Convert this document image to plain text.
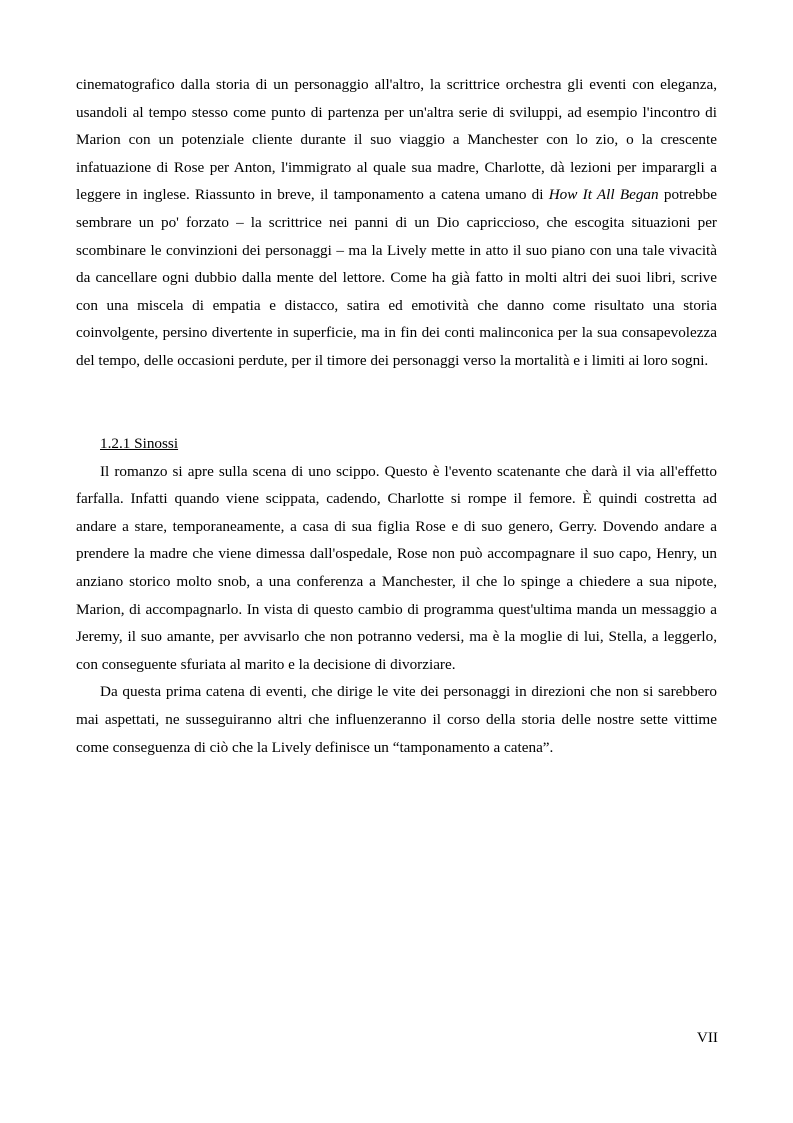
cinematografico dalla storia di un personaggio all'altro, la scrittrice orchestra gli eventi con eleganza, usandoli al tempo stesso come punto di partenza per un'altra serie di sviluppi, ad esempio l'incontro di Marion con un potenziale cliente durante il suo viaggio a Manchester con lo zio, o la crescente infatuazione di Rose per Anton, l'immigrato al quale sua madre, Charlotte, dà lezioni per imparargli a leggere in inglese. Riassunto in breve, il tamponamento a catena umano di How It All Began potrebbe sembrare un po' forzato – la scrittrice nei panni di un Dio capriccioso, che escogita situazioni per scombinare le convinzioni dei personaggi – ma la Lively mette in atto il suo piano con una tale vivacità da cancellare ogni dubbio dalla mente del lettore. Come ha già fatto in molti altri dei suoi libri, scrive con una miscela di empatia e distacco, satira ed emotività che danno come risultato una storia coinvolgente, persino divertente in superficie, ma in fin dei conti malinconica per la sua consapevolezza del tempo, delle occasioni perdute, per il timore dei personaggi verso la mortalità e i limiti ai loro sogni.

1.2.1 Sinossi

Il romanzo si apre sulla scena di uno scippo. Questo è l'evento scatenante che darà il via all'effetto farfalla. Infatti quando viene scippata, cadendo, Charlotte si rompe il femore. È quindi costretta ad andare a stare, temporaneamente, a casa di sua figlia Rose e di suo genero, Gerry. Dovendo andare a prendere la madre che viene dimessa dall'ospedale, Rose non può accompagnare il suo capo, Henry, un anziano storico molto snob, a una conferenza a Manchester, il che lo spinge a chiedere a sua nipote, Marion, di accompagnarlo. In vista di questo cambio di programma quest'ultima manda un messaggio a Jeremy, il suo amante, per avvisarlo che non potranno vedersi, ma è la moglie di lui, Stella, a leggerlo, con conseguente sfuriata al marito e la decisione di divorziare.

Da questa prima catena di eventi, che dirige le vite dei personaggi in direzioni che non si sarebbero mai aspettati, ne susseguiranno altri che influenzeranno il corso della storia delle nostre sette vittime come conseguenza di ciò che la Lively definisce un “tamponamento a catena”.

VII
